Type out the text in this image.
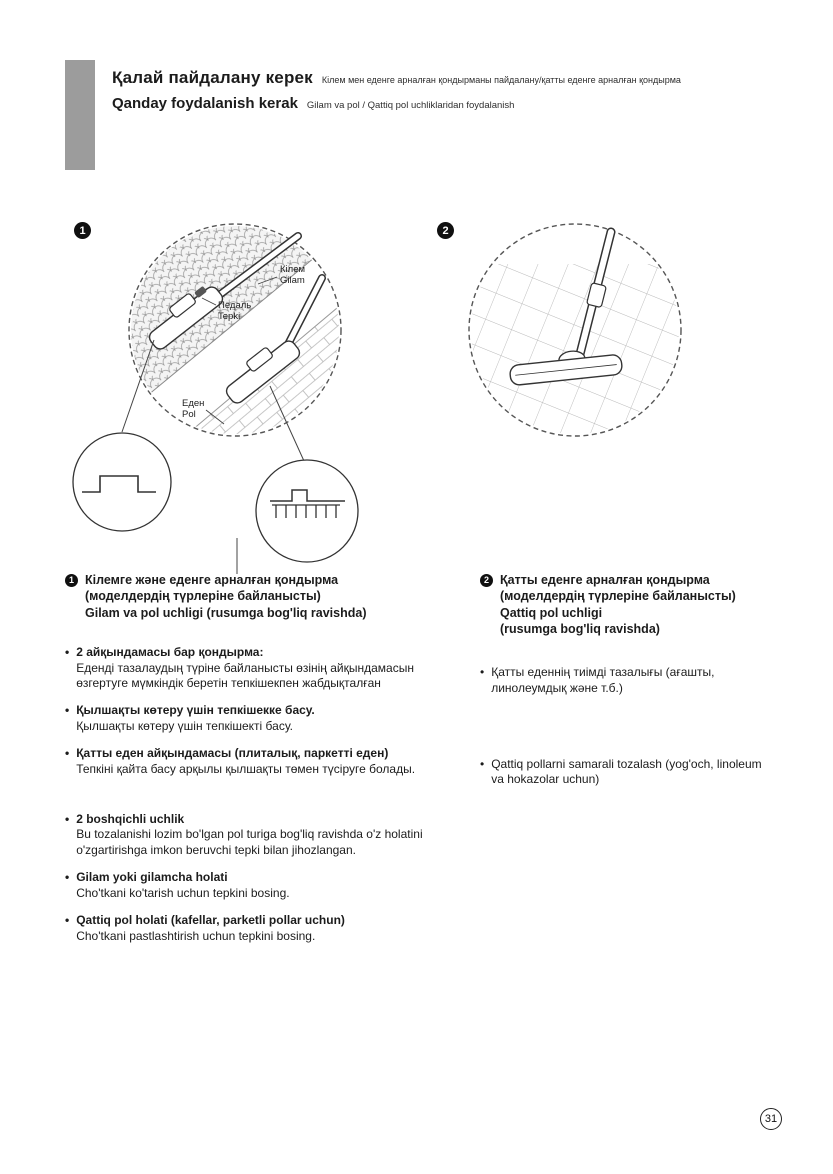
Қалай пайдалану керек Кілем мен еденге арналған қондырманы пайдалану/қатты еденге арналған қондырма
Qanday foydalanish kerak Gilam va pol / Qattiq pol uchliklaridan foydalanish
1	2
Кілем
Gilam
Педаль
Tepki
Еден
Pol
1 Кілемге және еденге арналған қондырма
(моделдердің түрлеріне байланысты)
Gilam va pol uchligi (rusumga bog'liq ravishda)
• 2 айқындамасы бар қондырма:
Еденді тазалаудың түріне байланысты өзінің айқындамасын өзгертуге мүмкіндік беретін тепкішекпен жабдықталған
• Қылшақты көтеру үшін тепкішекке басу.
Қылшақты көтеру үшін тепкішекті басу.
• Қатты еден айқындамасы (плиталық, паркетті еден)
Тепкіні қайта басу арқылы қылшақты төмен түсіруге болады.
• 2 boshqichli uchlik
Bu tozalanishi lozim bo'lgan pol turiga bog'liq ravishda o'z holatini o'zgartirishga imkon beruvchi tepki bilan jihozlangan.
• Gilam yoki gilamcha holati
Cho'tkani ko'tarish uchun tepkini bosing.
• Qattiq pol holati (kafellar, parketli pollar uchun)
Cho'tkani pastlashtirish uchun tepkini bosing.
2 Қатты еденге арналған қондырма
(моделдердің түрлеріне байланысты)
Qattiq pol uchligi
(rusumga bog'liq ravishda)
• Қатты еденнің тиімді тазалығы (ағашты, линолеумдық және т.б.)
• Qattiq pollarni samarali tozalash (yog'och, linoleum va hokazolar uchun)
31
